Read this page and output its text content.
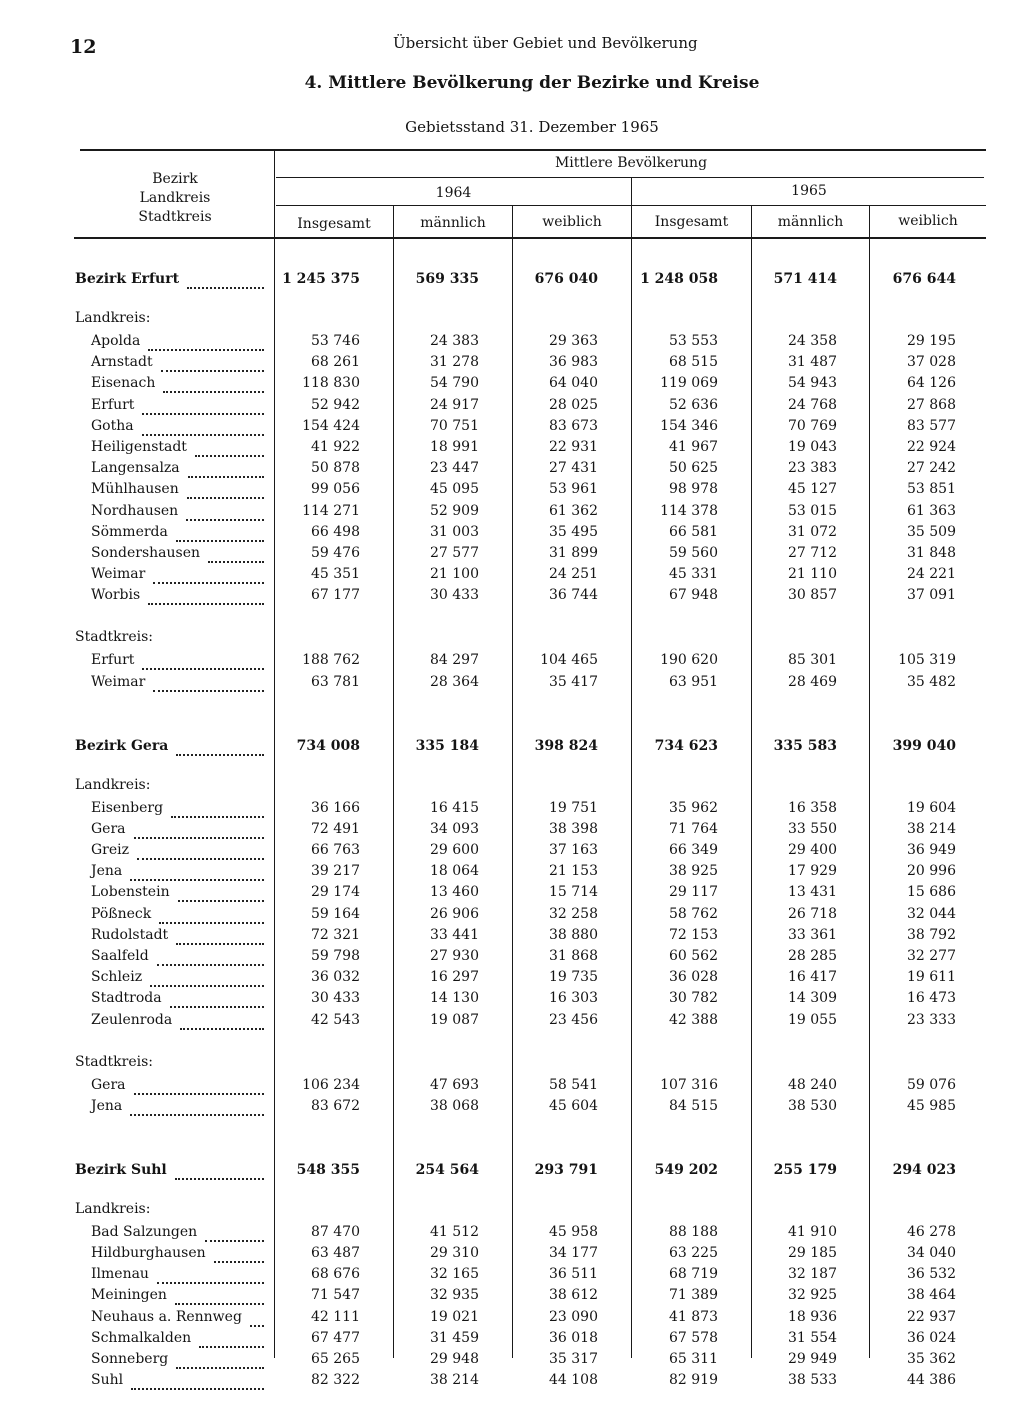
12	Übersicht über Gebiet und Bevölkerung
4. Mittlere Bevölkerung der Bezirke und Kreise
Gebietsstand 31. Dezember 1965
Bezirk
Landkreis
Stadtkreis
Mittlere Bevölkerung
1964	1965
Insgesamt	männlich	weiblich	Insgesamt	männlich	weiblich
Bezirk Erfurt	1 245 375	569 335	676 040	1 248 058	571 414	676 644
Landkreis:
Apolda	53 746	24 383	29 363	53 553	24 358	29 195
Arnstadt	68 261	31 278	36 983	68 515	31 487	37 028
Eisenach	118 830	54 790	64 040	119 069	54 943	64 126
Erfurt	52 942	24 917	28 025	52 636	24 768	27 868
Gotha	154 424	70 751	83 673	154 346	70 769	83 577
Heiligenstadt	41 922	18 991	22 931	41 967	19 043	22 924
Langensalza	50 878	23 447	27 431	50 625	23 383	27 242
Mühlhausen	99 056	45 095	53 961	98 978	45 127	53 851
Nordhausen	114 271	52 909	61 362	114 378	53 015	61 363
Sömmerda	66 498	31 003	35 495	66 581	31 072	35 509
Sondershausen	59 476	27 577	31 899	59 560	27 712	31 848
Weimar	45 351	21 100	24 251	45 331	21 110	24 221
Worbis	67 177	30 433	36 744	67 948	30 857	37 091
Stadtkreis:
Erfurt	188 762	84 297	104 465	190 620	85 301	105 319
Weimar	63 781	28 364	35 417	63 951	28 469	35 482
Bezirk Gera	734 008	335 184	398 824	734 623	335 583	399 040
Landkreis:
Eisenberg	36 166	16 415	19 751	35 962	16 358	19 604
Gera	72 491	34 093	38 398	71 764	33 550	38 214
Greiz	66 763	29 600	37 163	66 349	29 400	36 949
Jena	39 217	18 064	21 153	38 925	17 929	20 996
Lobenstein	29 174	13 460	15 714	29 117	13 431	15 686
Pößneck	59 164	26 906	32 258	58 762	26 718	32 044
Rudolstadt	72 321	33 441	38 880	72 153	33 361	38 792
Saalfeld	59 798	27 930	31 868	60 562	28 285	32 277
Schleiz	36 032	16 297	19 735	36 028	16 417	19 611
Stadtroda	30 433	14 130	16 303	30 782	14 309	16 473
Zeulenroda	42 543	19 087	23 456	42 388	19 055	23 333
Stadtkreis:
Gera	106 234	47 693	58 541	107 316	48 240	59 076
Jena	83 672	38 068	45 604	84 515	38 530	45 985
Bezirk Suhl	548 355	254 564	293 791	549 202	255 179	294 023
Landkreis:
Bad Salzungen	87 470	41 512	45 958	88 188	41 910	46 278
Hildburghausen	63 487	29 310	34 177	63 225	29 185	34 040
Ilmenau	68 676	32 165	36 511	68 719	32 187	36 532
Meiningen	71 547	32 935	38 612	71 389	32 925	38 464
Neuhaus a. Rennweg	42 111	19 021	23 090	41 873	18 936	22 937
Schmalkalden	67 477	31 459	36 018	67 578	31 554	36 024
Sonneberg	65 265	29 948	35 317	65 311	29 949	35 362
Suhl	82 322	38 214	44 108	82 919	38 533	44 386
